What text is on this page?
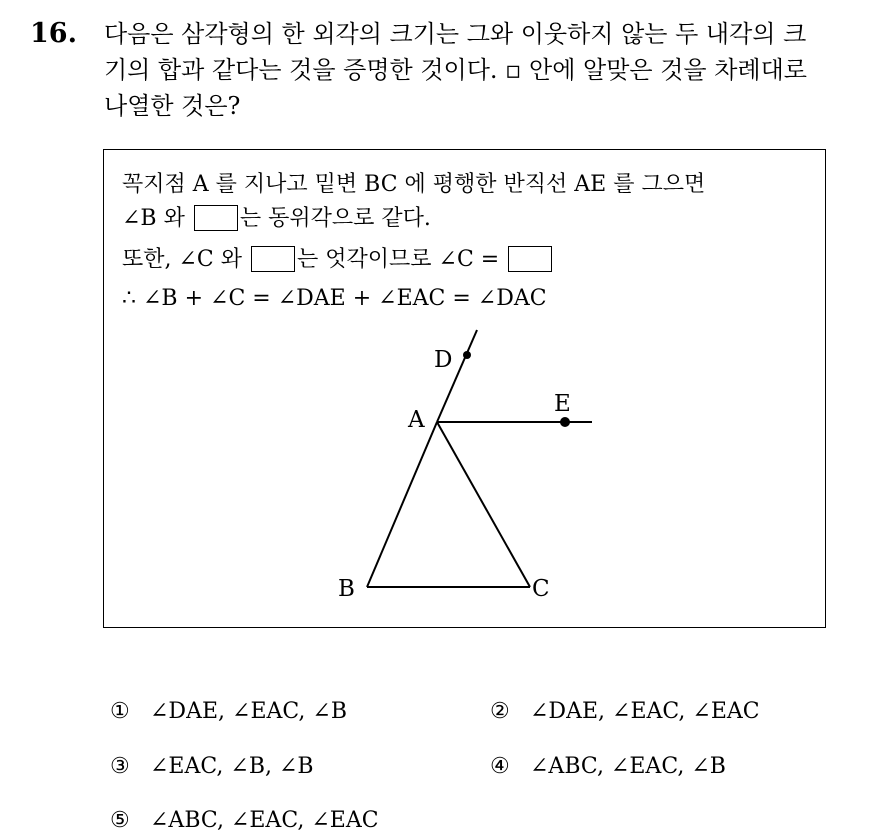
16. 다음은 삼각형의 한 외각의 크기는 그와 이웃하지 않는 두 내각의 크
기의 합과 같다는 것을 증명한 것이다. ▫ 안에 알맞은 것을 차례대로
나열한 것은?
꼭지점 A 를 지나고 밑변 BC 에 평행한 반직선 AE 를 그으면
∠B 와	는 동위각으로 같다.
또한, ∠C 와	는 엇각이므로 ∠C =
∴ ∠B + ∠C = ∠DAE + ∠EAC = ∠DAC
D
E
A
B	C
① ∠DAE, ∠EAC, ∠B	② ∠DAE, ∠EAC, ∠EAC
③ ∠EAC, ∠B, ∠B	④ ∠ABC, ∠EAC, ∠B
⑤ ∠ABC, ∠EAC, ∠EAC
